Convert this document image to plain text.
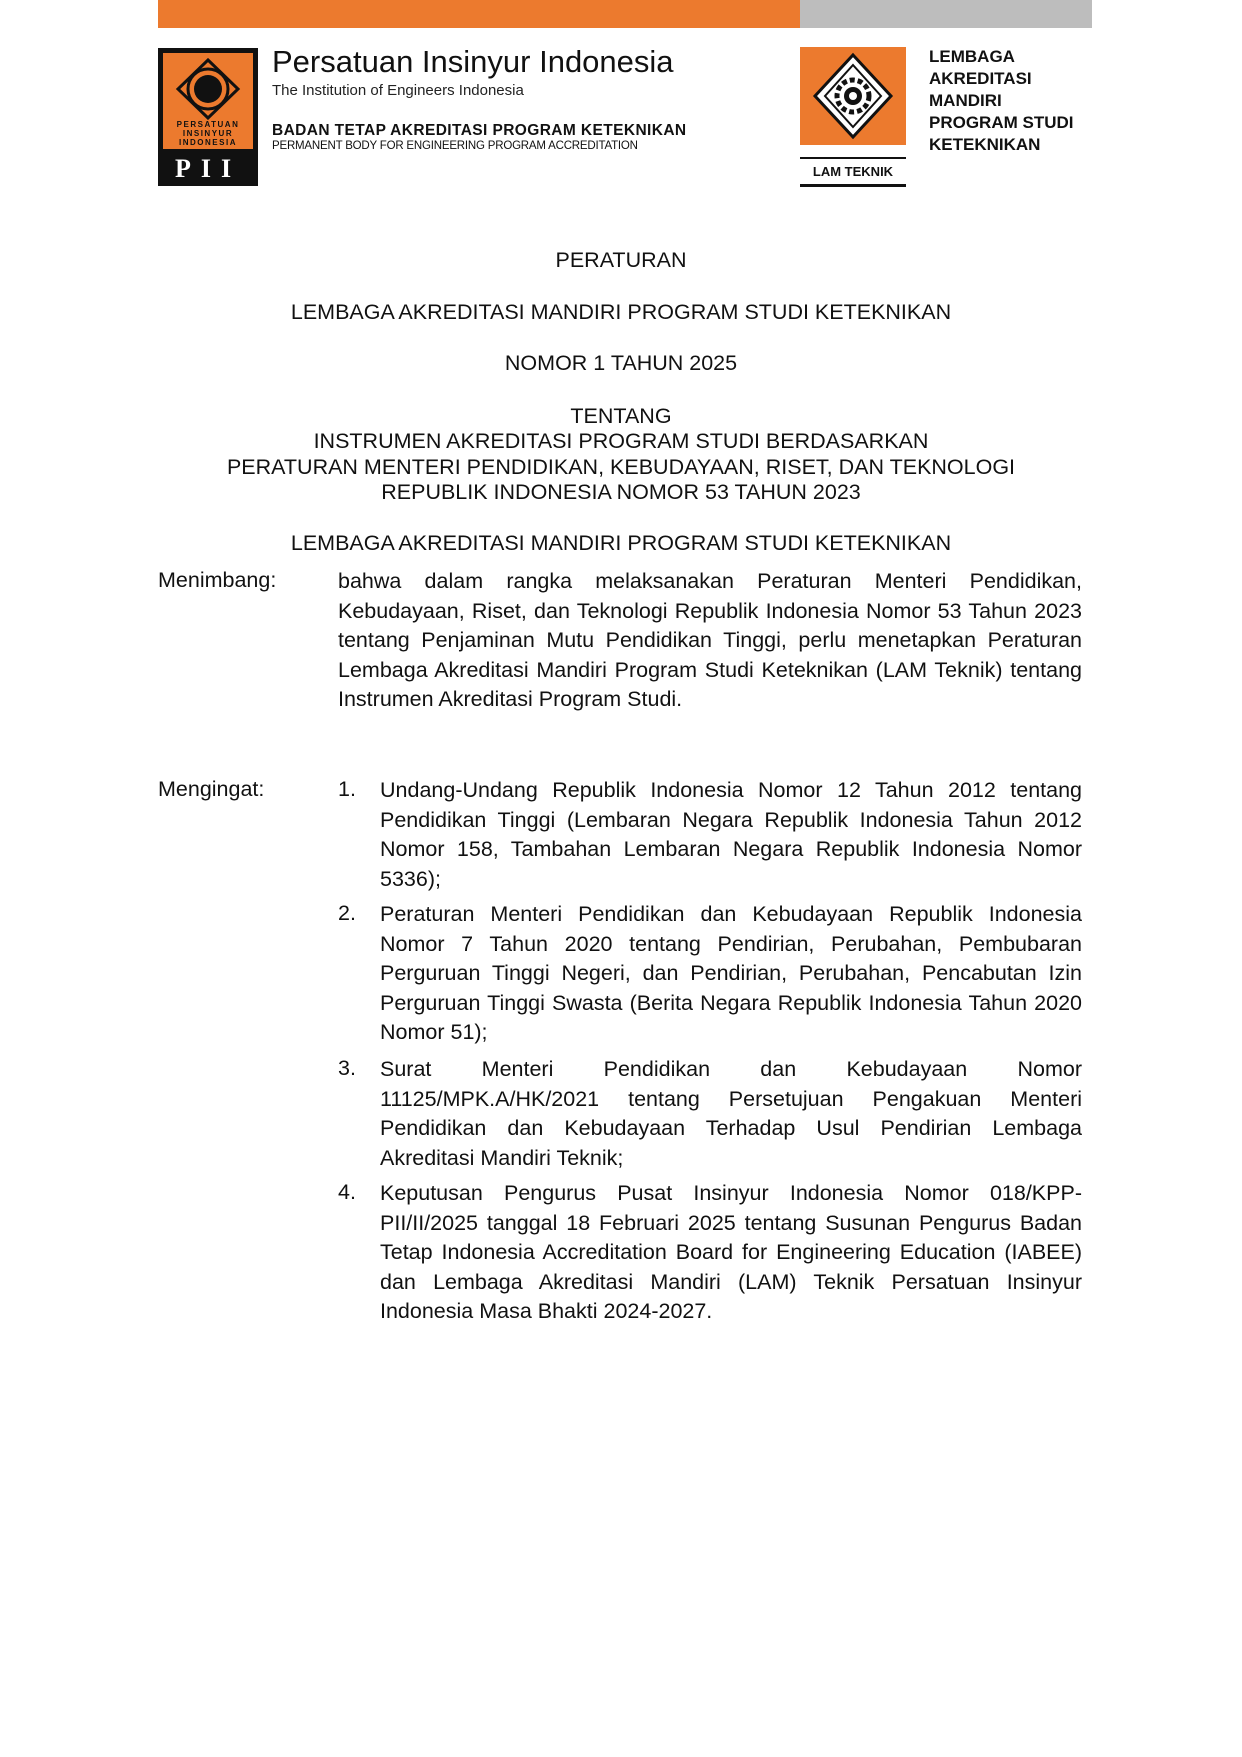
PERSATUAN
INSINYUR
INDONESIA
PII
Persatuan Insinyur Indonesia
The Institution of Engineers Indonesia
BADAN TETAP AKREDITASI PROGRAM KETEKNIKAN
PERMANENT BODY FOR ENGINEERING PROGRAM ACCREDITATION
LAM TEKNIK
LEMBAGA
AKREDITASI
MANDIRI
PROGRAM STUDI
KETEKNIKAN
PERATURAN
LEMBAGA AKREDITASI MANDIRI PROGRAM STUDI KETEKNIKAN
NOMOR 1 TAHUN 2025
TENTANG
INSTRUMEN AKREDITASI PROGRAM STUDI BERDASARKAN
PERATURAN MENTERI PENDIDIKAN, KEBUDAYAAN, RISET, DAN TEKNOLOGI
REPUBLIK INDONESIA NOMOR 53 TAHUN 2023
LEMBAGA AKREDITASI MANDIRI PROGRAM STUDI KETEKNIKAN
Menimbang:	bahwa dalam rangka melaksanakan Peraturan Menteri Pendidikan, Kebudayaan, Riset, dan Teknologi Republik Indonesia Nomor 53 Tahun 2023 tentang Penjaminan Mutu Pendidikan Tinggi, perlu menetapkan Peraturan Lembaga Akreditasi Mandiri Program Studi Keteknikan (LAM Teknik) tentang Instrumen Akreditasi Program Studi.
Mengingat:	1. Undang-Undang Republik Indonesia Nomor 12 Tahun 2012 tentang Pendidikan Tinggi (Lembaran Negara Republik Indonesia Tahun 2012 Nomor 158, Tambahan Lembaran Negara Republik Indonesia Nomor 5336);
2. Peraturan Menteri Pendidikan dan Kebudayaan Republik Indonesia Nomor 7 Tahun 2020 tentang Pendirian, Perubahan, Pembubaran Perguruan Tinggi Negeri, dan Pendirian, Perubahan, Pencabutan Izin Perguruan Tinggi Swasta (Berita Negara Republik Indonesia Tahun 2020 Nomor 51);
3. Surat Menteri Pendidikan dan Kebudayaan Nomor 11125/MPK.A/HK/2021 tentang Persetujuan Pengakuan Menteri Pendidikan dan Kebudayaan Terhadap Usul Pendirian Lembaga Akreditasi Mandiri Teknik;
4. Keputusan Pengurus Pusat Insinyur Indonesia Nomor 018/KPP-PII/II/2025 tanggal 18 Februari 2025 tentang Susunan Pengurus Badan Tetap Indonesia Accreditation Board for Engineering Education (IABEE) dan Lembaga Akreditasi Mandiri (LAM) Teknik Persatuan Insinyur Indonesia Masa Bhakti 2024-2027.
